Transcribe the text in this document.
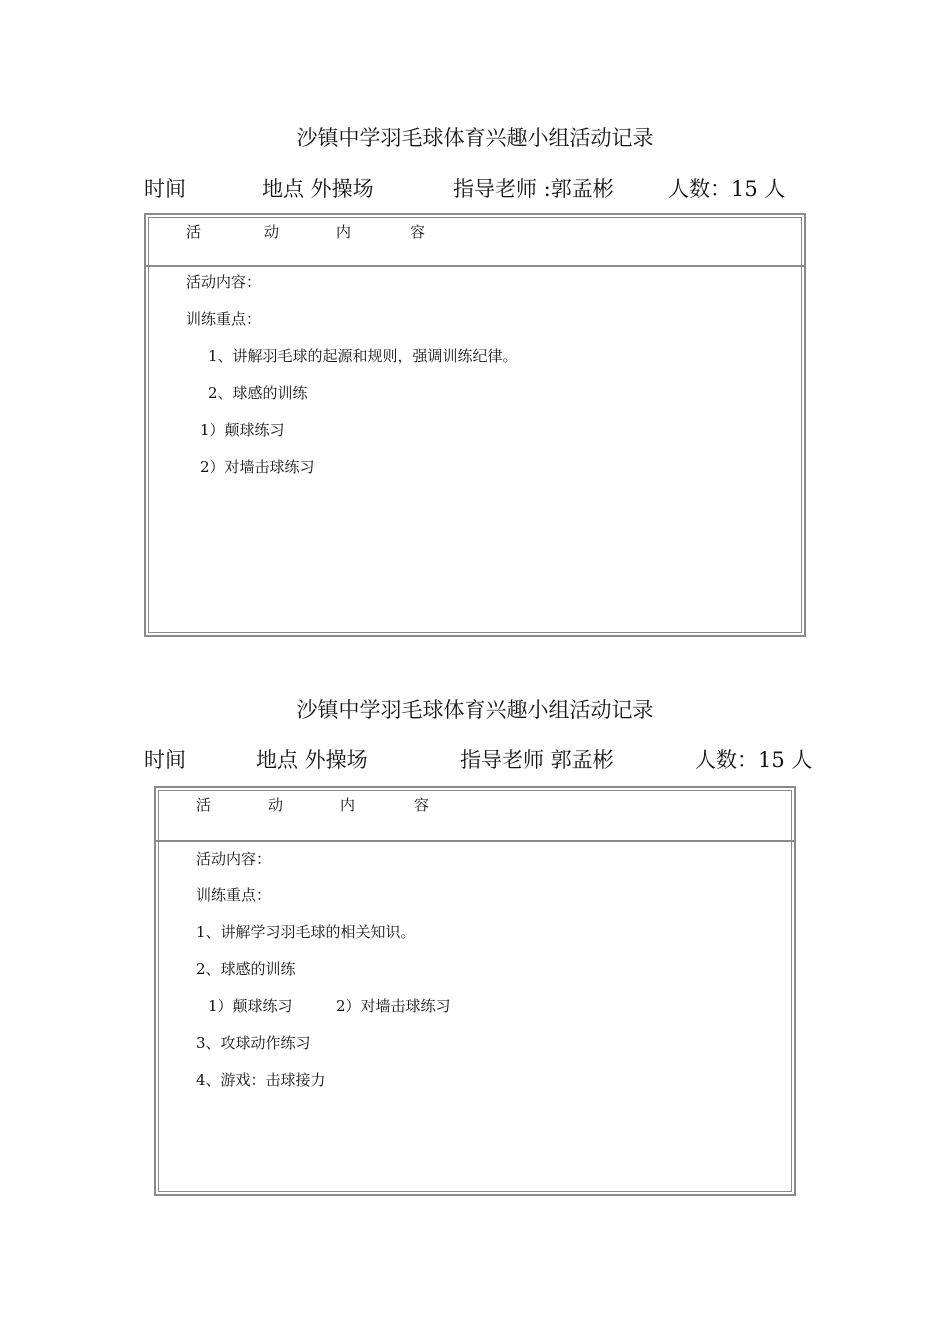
沙镇中学羽毛球体育兴趣小组活动记录
时间	地点 外操场	指导老师 :郭孟彬	人数：15 人
活	动	内	容
活动内容：
训练重点：
1、讲解羽毛球的起源和规则，强调训练纪律。
2、球感的训练
1）颠球练习
2）对墙击球练习
沙镇中学羽毛球体育兴趣小组活动记录
时间	地点 外操场	指导老师 郭孟彬	人数：15 人
活	动	内	容
活动内容：
训练重点：
1、讲解学习羽毛球的相关知识。
2、球感的训练
1）颠球练习	2）对墙击球练习
3、攻球动作练习
4、游戏：击球接力
